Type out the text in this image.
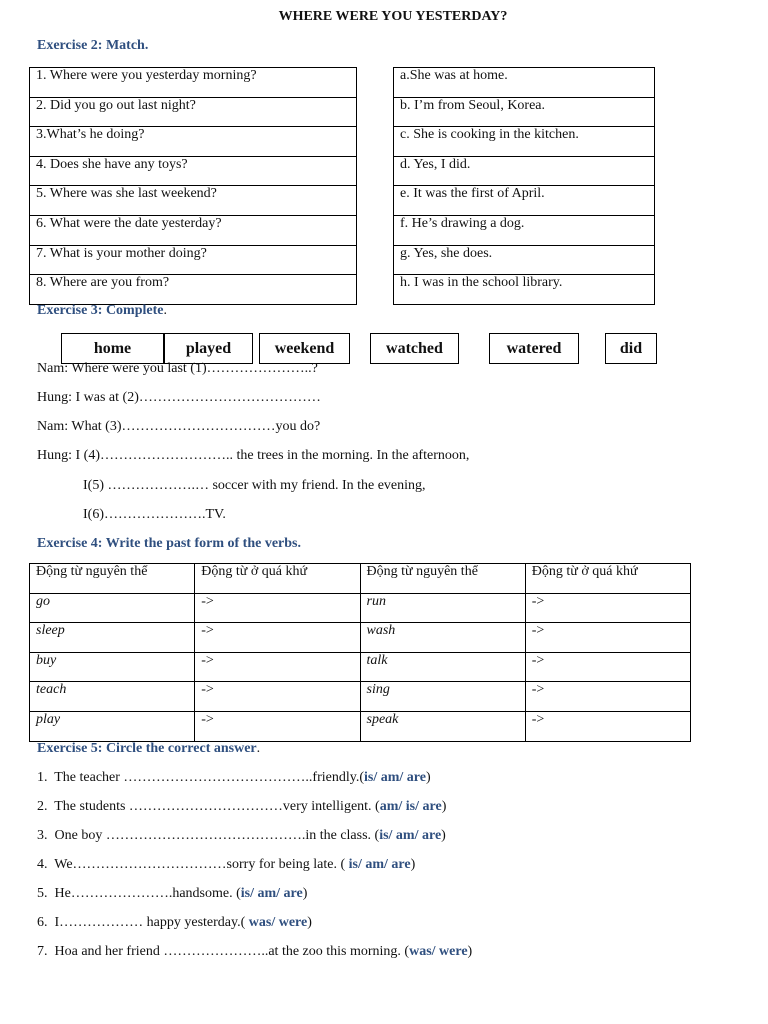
WHERE WERE YOU YESTERDAY?
Exercise 2: Match.
1. Where were you yesterday morning?
2. Did you go out last night?
3.What’s he doing?
4. Does she have any toys?
5. Where was she last weekend?
6. What were the date yesterday?
7. What is your mother doing?
8. Where are you from?
a.She was at home.
b. I’m from Seoul, Korea.
c. She is cooking in the kitchen.
d. Yes, I did.
e. It was the first of April.
f. He’s drawing a dog.
g. Yes, she does.
h. I was in the school library.
Exercise 3: Complete.
home	played	weekend	watched	watered	did
Nam: Where were you last (1)…………………..?
Hung: I was at (2)…………………………………
Nam: What (3)……………………………you do?
Hung: I (4)……………………….. the trees in the morning. In the afternoon,
I(5) ……………….… soccer with my friend. In the evening,
I(6)………………….TV.
Exercise 4: Write the past form of the verbs.
Động từ nguyên thể	Động từ ở quá khứ	Động từ nguyên thể	Động từ ở quá khứ
go	->	run	->
sleep	->	wash	->
buy	->	talk	->
teach	->	sing	->
play	->	speak	->
Exercise 5: Circle the correct answer.
1. The teacher …………………………………..friendly.(is/ am/ are)
2. The students ……………………………very intelligent. (am/ is/ are)
3. One boy …………………………………….in the class. (is/ am/ are)
4. We……………………………sorry for being late. ( is/ am/ are)
5. He………………….handsome. (is/ am/ are)
6. I……………… happy yesterday.( was/ were)
7. Hoa and her friend …………………..at the zoo this morning. (was/ were)
